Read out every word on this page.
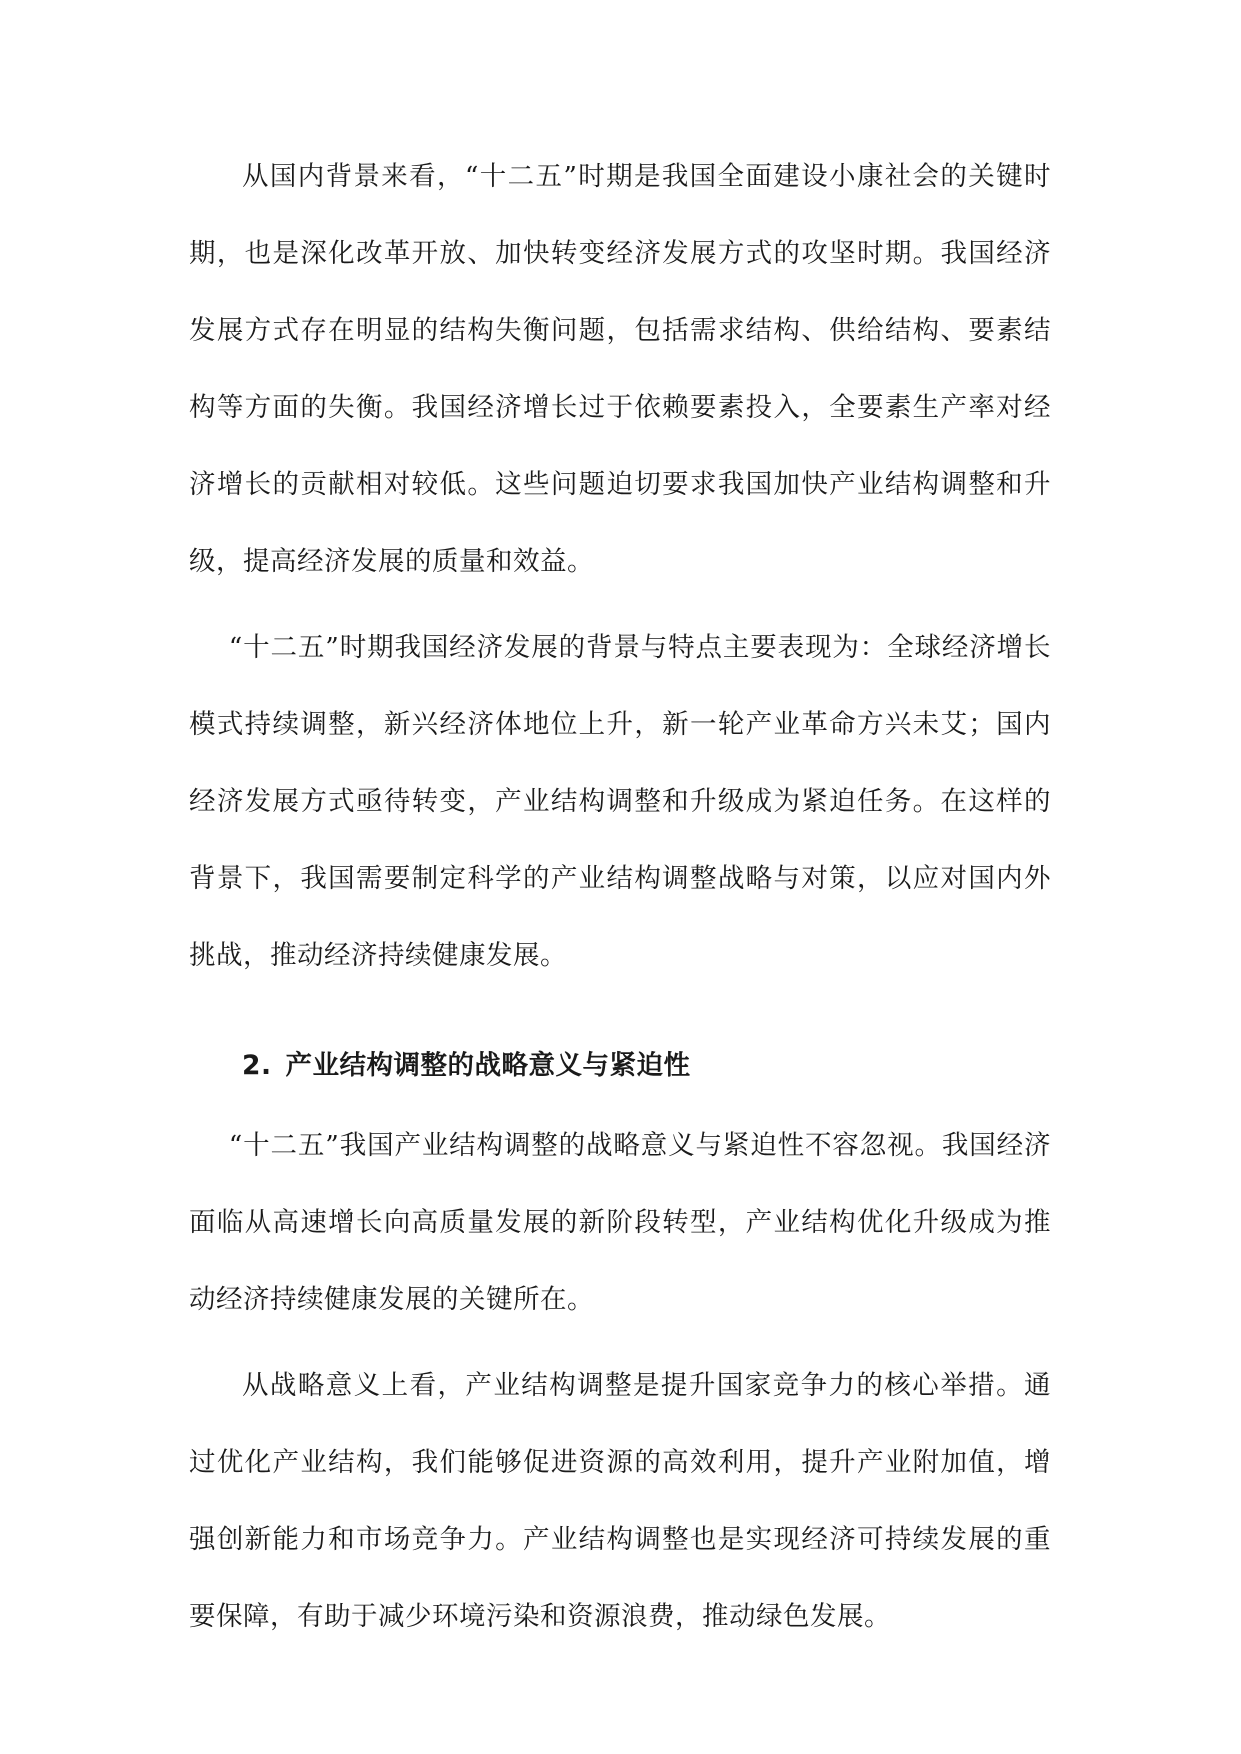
从国内背景来看，“十二五”时期是我国全面建设小康社会的关键时期，也是深化改革开放、加快转变经济发展方式的攻坚时期。我国经济发展方式存在明显的结构失衡问题，包括需求结构、供给结构、要素结构等方面的失衡。我国经济增长过于依赖要素投入，全要素生产率对经济增长的贡献相对较低。这些问题迫切要求我国加快产业结构调整和升级，提高经济发展的质量和效益。

“十二五”时期我国经济发展的背景与特点主要表现为：全球经济增长模式持续调整，新兴经济体地位上升，新一轮产业革命方兴未艾；国内经济发展方式亟待转变，产业结构调整和升级成为紧迫任务。在这样的背景下，我国需要制定科学的产业结构调整战略与对策，以应对国内外挑战，推动经济持续健康发展。

2. 产业结构调整的战略意义与紧迫性

“十二五”我国产业结构调整的战略意义与紧迫性不容忽视。我国经济面临从高速增长向高质量发展的新阶段转型，产业结构优化升级成为推动经济持续健康发展的关键所在。

从战略意义上看，产业结构调整是提升国家竞争力的核心举措。通过优化产业结构，我们能够促进资源的高效利用，提升产业附加值，增强创新能力和市场竞争力。产业结构调整也是实现经济可持续发展的重要保障，有助于减少环境污染和资源浪费，推动绿色发展。
